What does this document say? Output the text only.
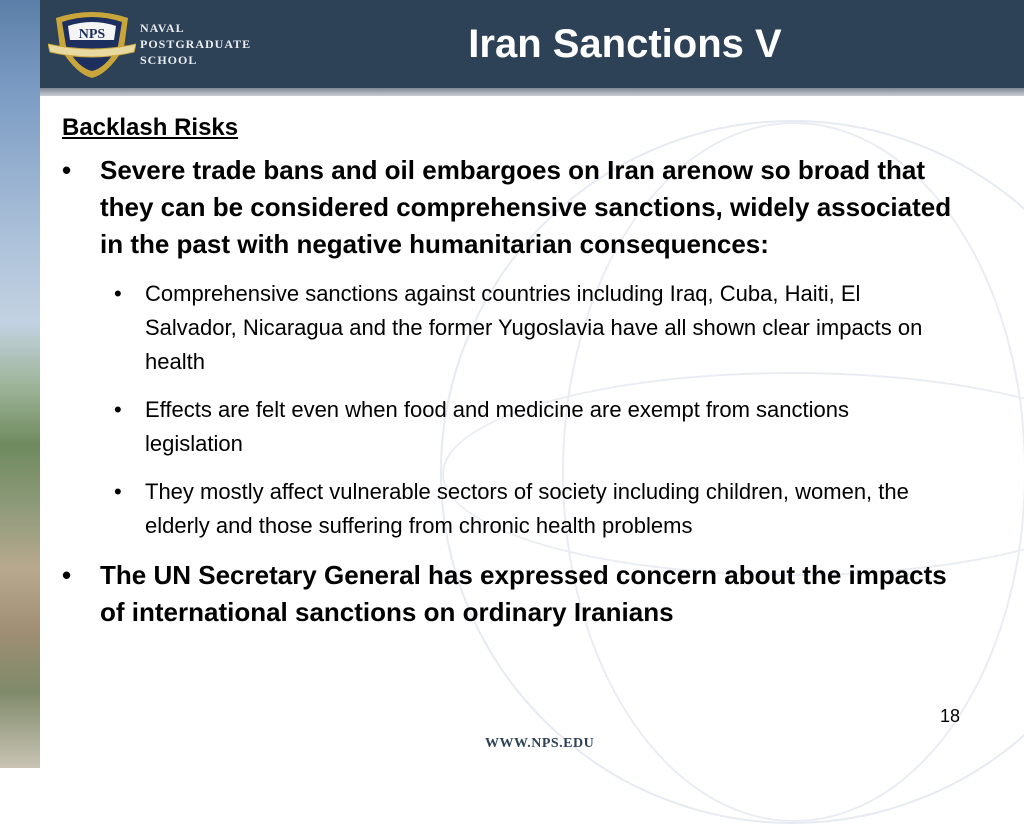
NPS	NAVAL
POSTGRADUATE
SCHOOL	Iran Sanctions V

Backlash Risks

• Severe trade bans and oil embargoes on Iran arenow so broad that they can be considered comprehensive sanctions, widely associated in the past with negative humanitarian consequences:

• Comprehensive sanctions against countries including Iraq, Cuba, Haiti, El Salvador, Nicaragua and the former Yugoslavia have all shown clear impacts on health

• Effects are felt even when food and medicine are exempt from sanctions legislation

• They mostly affect vulnerable sectors of society including children, women, the elderly and those suffering from chronic health problems

• The UN Secretary General has expressed concern about the impacts of international sanctions on ordinary Iranians

18
WWW.NPS.EDU
